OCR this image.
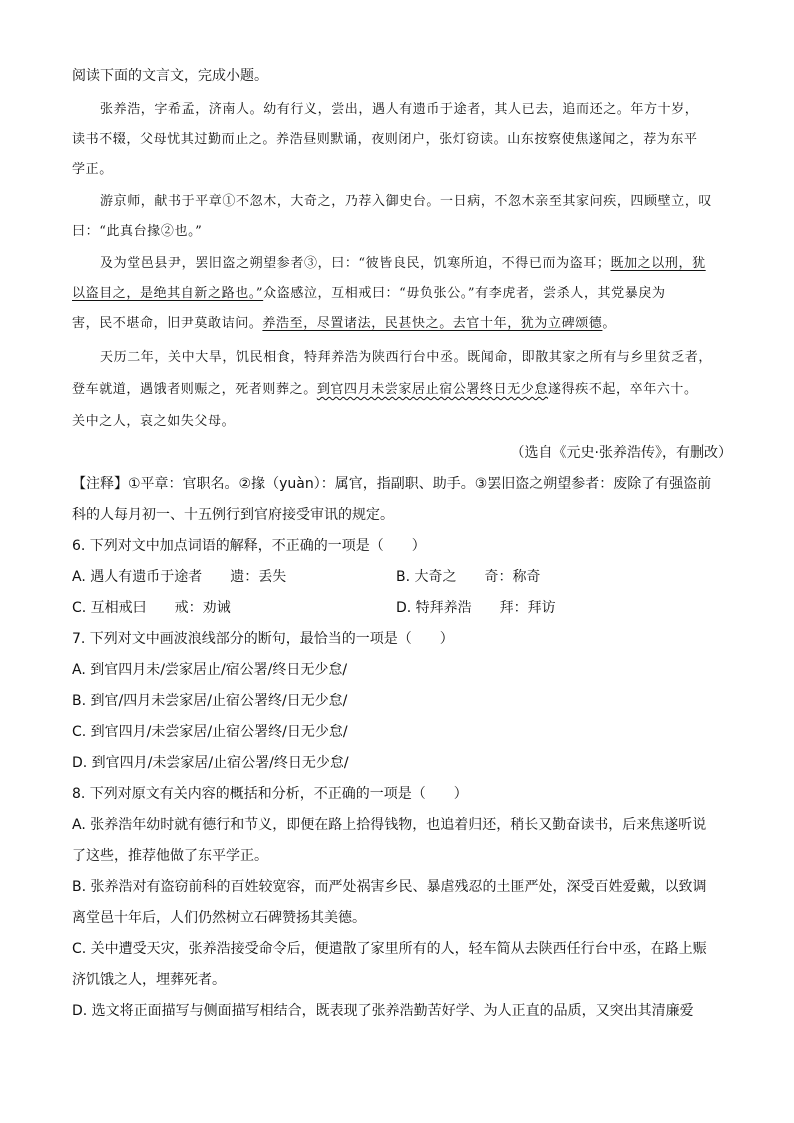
阅读下面的文言文，完成小题。
张养浩，字希孟，济南人。幼有行义，尝出，遇人有遗币于途者，其人已去，追而还之。年方十岁，
读书不辍，父母忧其过勤而止之。养浩昼则默诵，夜则闭户，张灯窃读。山东按察使焦遂闻之，荐为东平
学正。
游京师，献书于平章①不忽木，大奇之，乃荐入御史台。一日病，不忽木亲至其家问疾，四顾壁立，叹
曰：“此真台掾②也。”
及为堂邑县尹，罢旧盗之朔望参者③，曰：“彼皆良民，饥寒所迫，不得已而为盗耳；既加之以刑，犹
以盗目之，是绝其自新之路也。”众盗感泣，互相戒曰：“毋负张公。”有李虎者，尝杀人，其党暴戾为
害，民不堪命，旧尹莫敢诘问。养浩至，尽置诸法，民甚快之。去官十年，犹为立碑颂德。
天历二年，关中大旱，饥民相食，特拜养浩为陕西行台中丞。既闻命，即散其家之所有与乡里贫乏者，
登车就道，遇饿者则赈之，死者则葬之。到官四月未尝家居止宿公署终日无少怠遂得疾不起，卒年六十。
关中之人，哀之如失父母。
（选自《元史·张养浩传》，有删改）
【注释】①平章：官职名。②掾（yuàn）：属官，指副职、助手。③罢旧盗之朔望参者：废除了有强盗前
科的人每月初一、十五例行到官府接受审讯的规定。
6. 下列对文中加点词语的解释，不正确的一项是（　　）
A. 遇人有遗币于途者　　遗：丢失	B. 大奇之　　奇：称奇
C. 互相戒曰　　戒：劝诫	D. 特拜养浩　　拜：拜访
7. 下列对文中画波浪线部分的断句，最恰当的一项是（　　）
A. 到官四月未/尝家居止/宿公署/终日无少怠/
B. 到官/四月未尝家居/止宿公署终/日无少怠/
C. 到官四月/未尝家居/止宿公署终/日无少怠/
D. 到官四月/未尝家居/止宿公署/终日无少怠/
8. 下列对原文有关内容的概括和分析，不正确的一项是（　　）
A. 张养浩年幼时就有德行和节义，即便在路上拾得钱物，也追着归还，稍长又勤奋读书，后来焦遂听说
了这些，推荐他做了东平学正。
B. 张养浩对有盗窃前科的百姓较宽容，而严处祸害乡民、暴虐残忍的土匪严处，深受百姓爱戴，以致调
离堂邑十年后，人们仍然树立石碑赞扬其美德。
C. 关中遭受天灾，张养浩接受命令后，便遣散了家里所有的人，轻车简从去陕西任行台中丞，在路上赈
济饥饿之人，埋葬死者。
D. 选文将正面描写与侧面描写相结合，既表现了张养浩勤苦好学、为人正直的品质，又突出其清廉爱
